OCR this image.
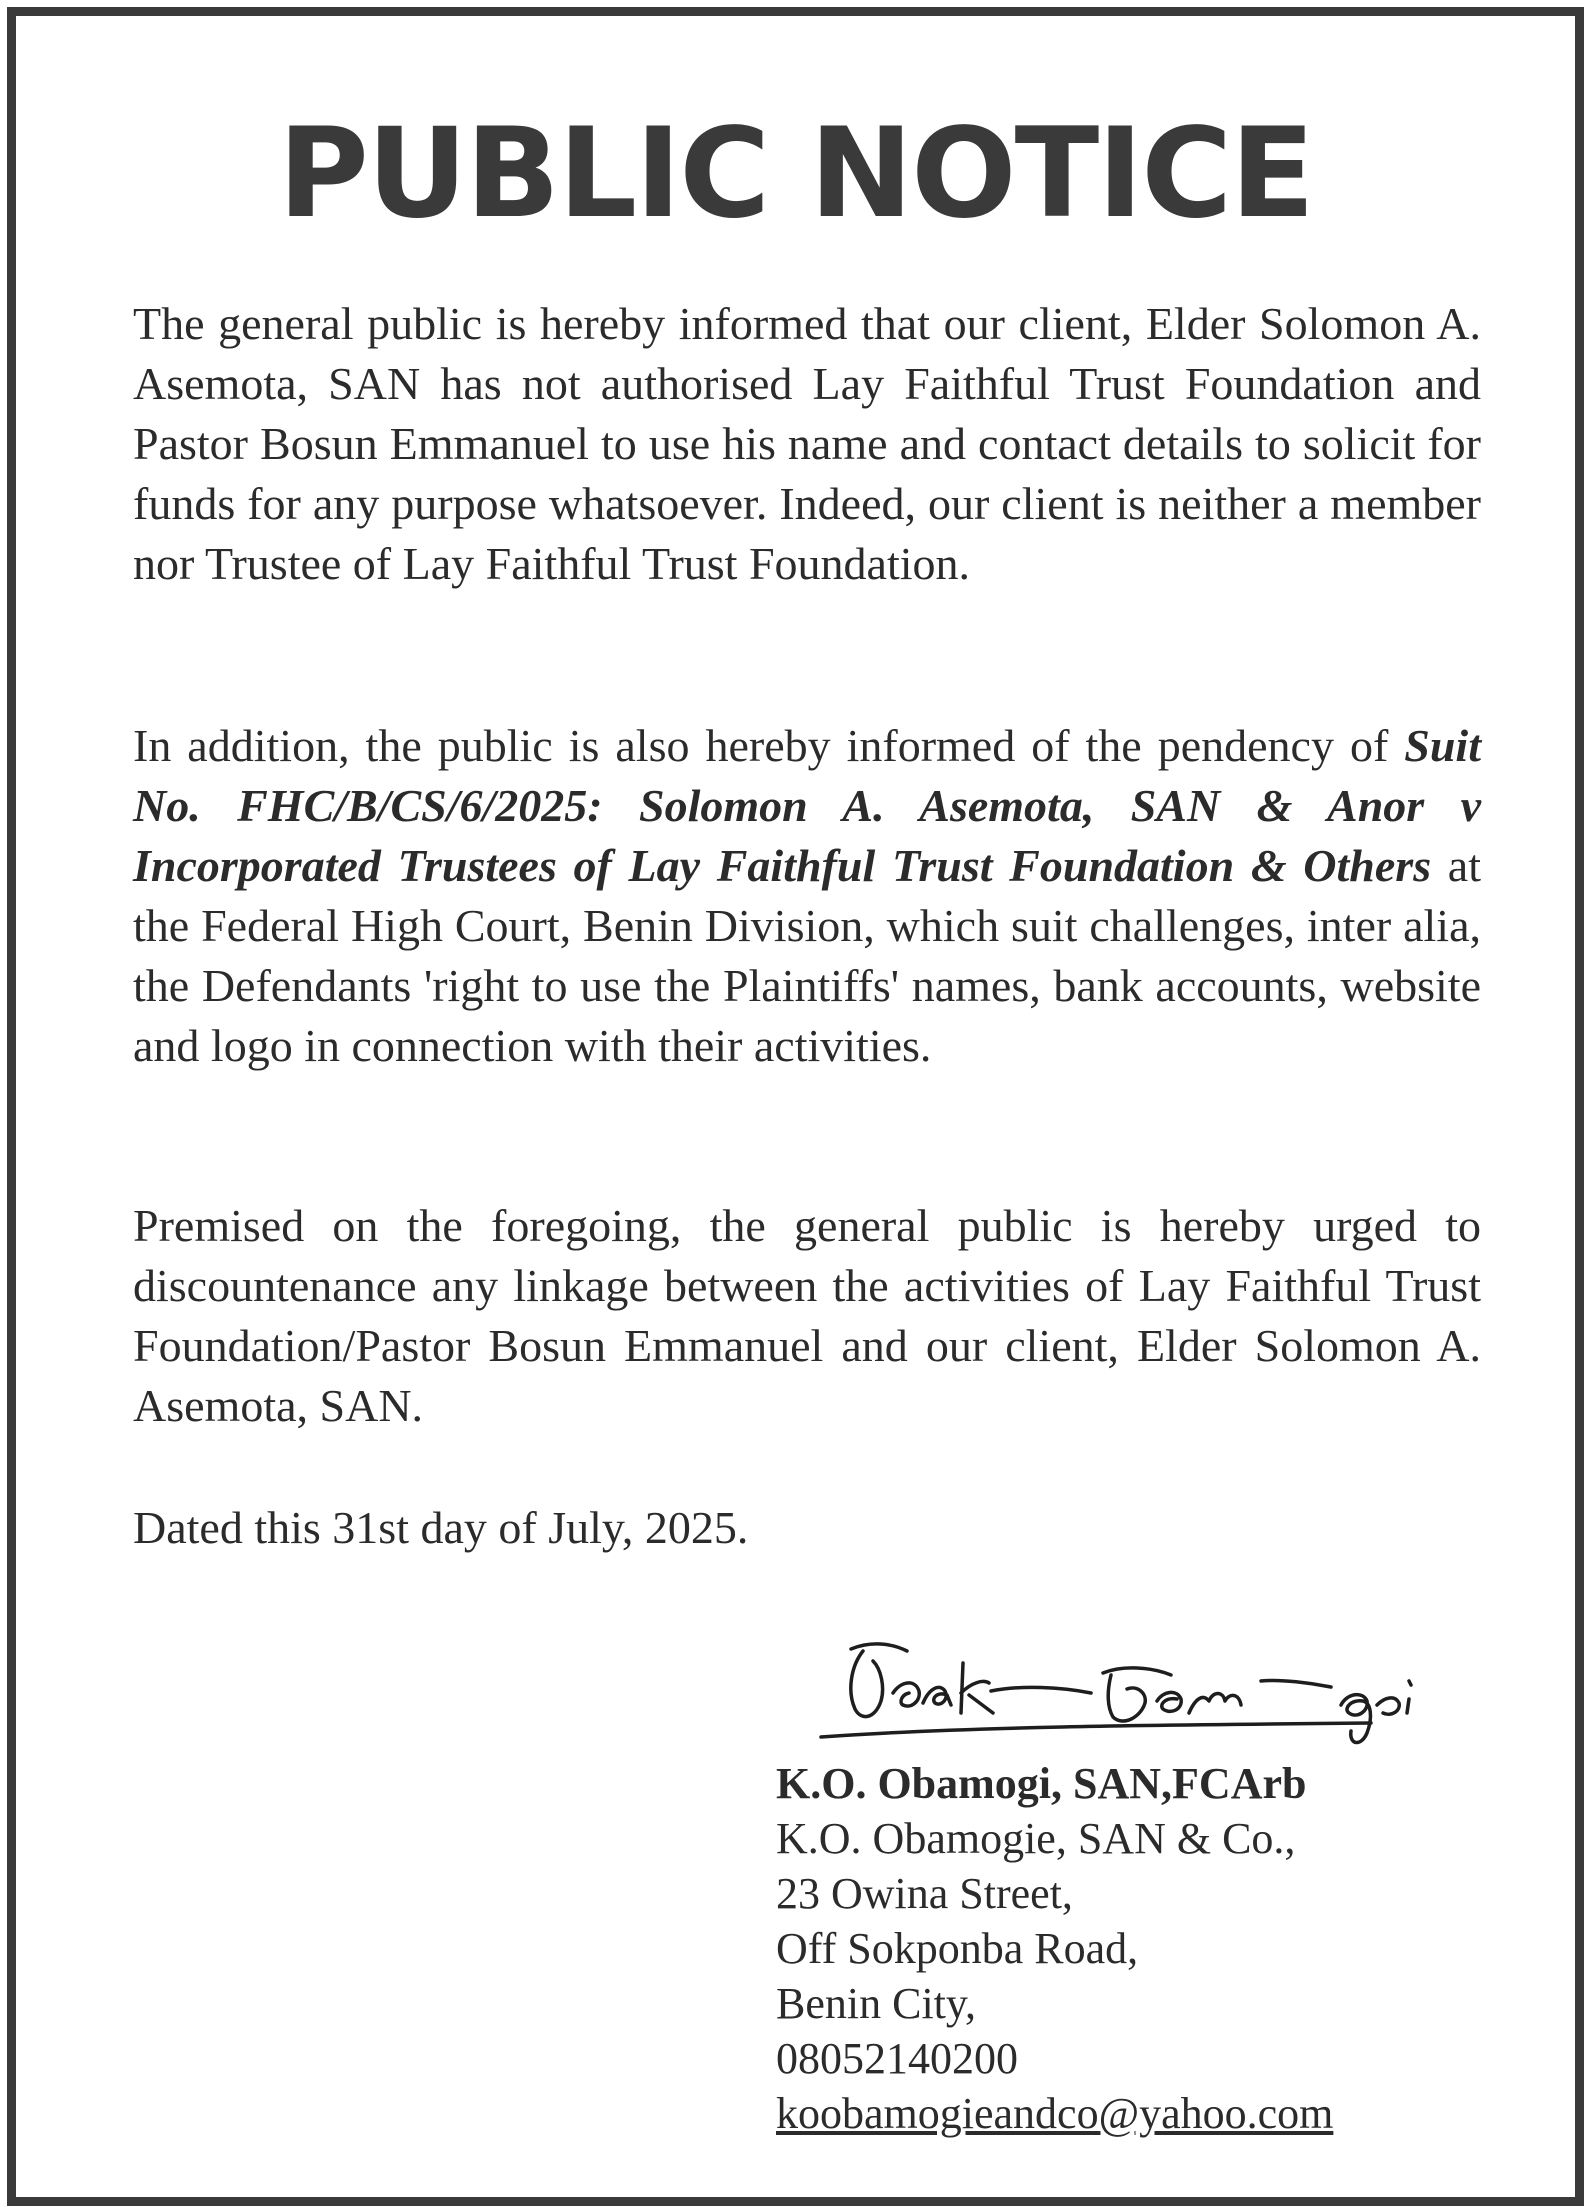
PUBLIC NOTICE

The general public is hereby informed that our client, Elder Solomon A. Asemota, SAN has not authorised Lay Faithful Trust Foundation and Pastor Bosun Emmanuel to use his name and contact details to solicit for funds for any purpose whatsoever. Indeed, our client is neither a member nor Trustee of Lay Faithful Trust Foundation.

In addition, the public is also hereby informed of the pendency of Suit No. FHC/B/CS/6/2025: Solomon A. Asemota, SAN & Anor v Incorporated Trustees of Lay Faithful Trust Foundation & Others at the Federal High Court, Benin Division, which suit challenges, inter alia, the Defendants 'right to use the Plaintiffs' names, bank accounts, website and logo in connection with their activities.

Premised on the foregoing, the general public is hereby urged to discountenance any linkage between the activities of Lay Faithful Trust Foundation/Pastor Bosun Emmanuel and our client, Elder Solomon A. Asemota, SAN.

Dated this 31st day of July, 2025.

K.O. Obamogi, SAN,FCArb
K.O. Obamogie, SAN & Co.,
23 Owina Street,
Off Sokponba Road,
Benin City,
08052140200
koobamogieandco@yahoo.com
